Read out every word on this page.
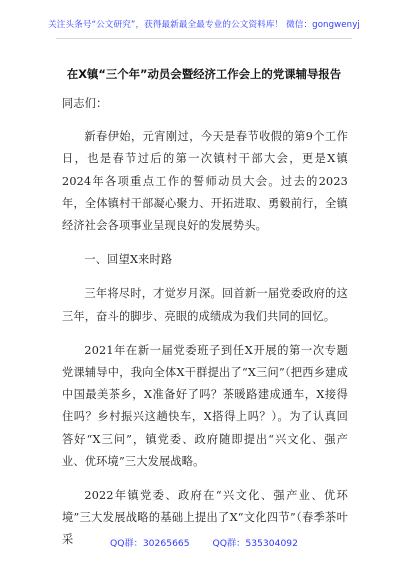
关注头条号“公文研究”，获得最新最全最专业的公文资料库！ 微信：gongwenyj
在X镇“三个年”动员会暨经济工作会上的党课辅导报告

同志们：

新春伊始，元宵刚过，今天是春节收假的第9个工作日，也是春节过后的第一次镇村干部大会，更是X镇2024年各项重点工作的誓师动员大会。过去的2023年，全体镇村干部凝心聚力、开拓进取、勇毅前行，全镇经济社会各项事业呈现良好的发展势头。

一、回望X来时路

三年将尽时，才觉岁月深。回首新一届党委政府的这三年，奋斗的脚步、亮眼的成绩成为我们共同的回忆。

2021年在新一届党委班子到任X开展的第一次专题党课辅导中，我向全体X干群提出了“X三问”（把西乡建成中国最美茶乡，X准备好了吗？茶暖路建成通车，X接得住吗？乡村振兴这趟快车，X搭得上吗？）。为了认真回答好“X三问”，镇党委、政府随即提出“兴文化、强产业、优环境”三大发展战略。

2022年镇党委、政府在“兴文化、强产业、优环境”三大发展战略的基础上提出了X“文化四节”（春季茶叶采	QQ群：30265665 QQ群：535304092
